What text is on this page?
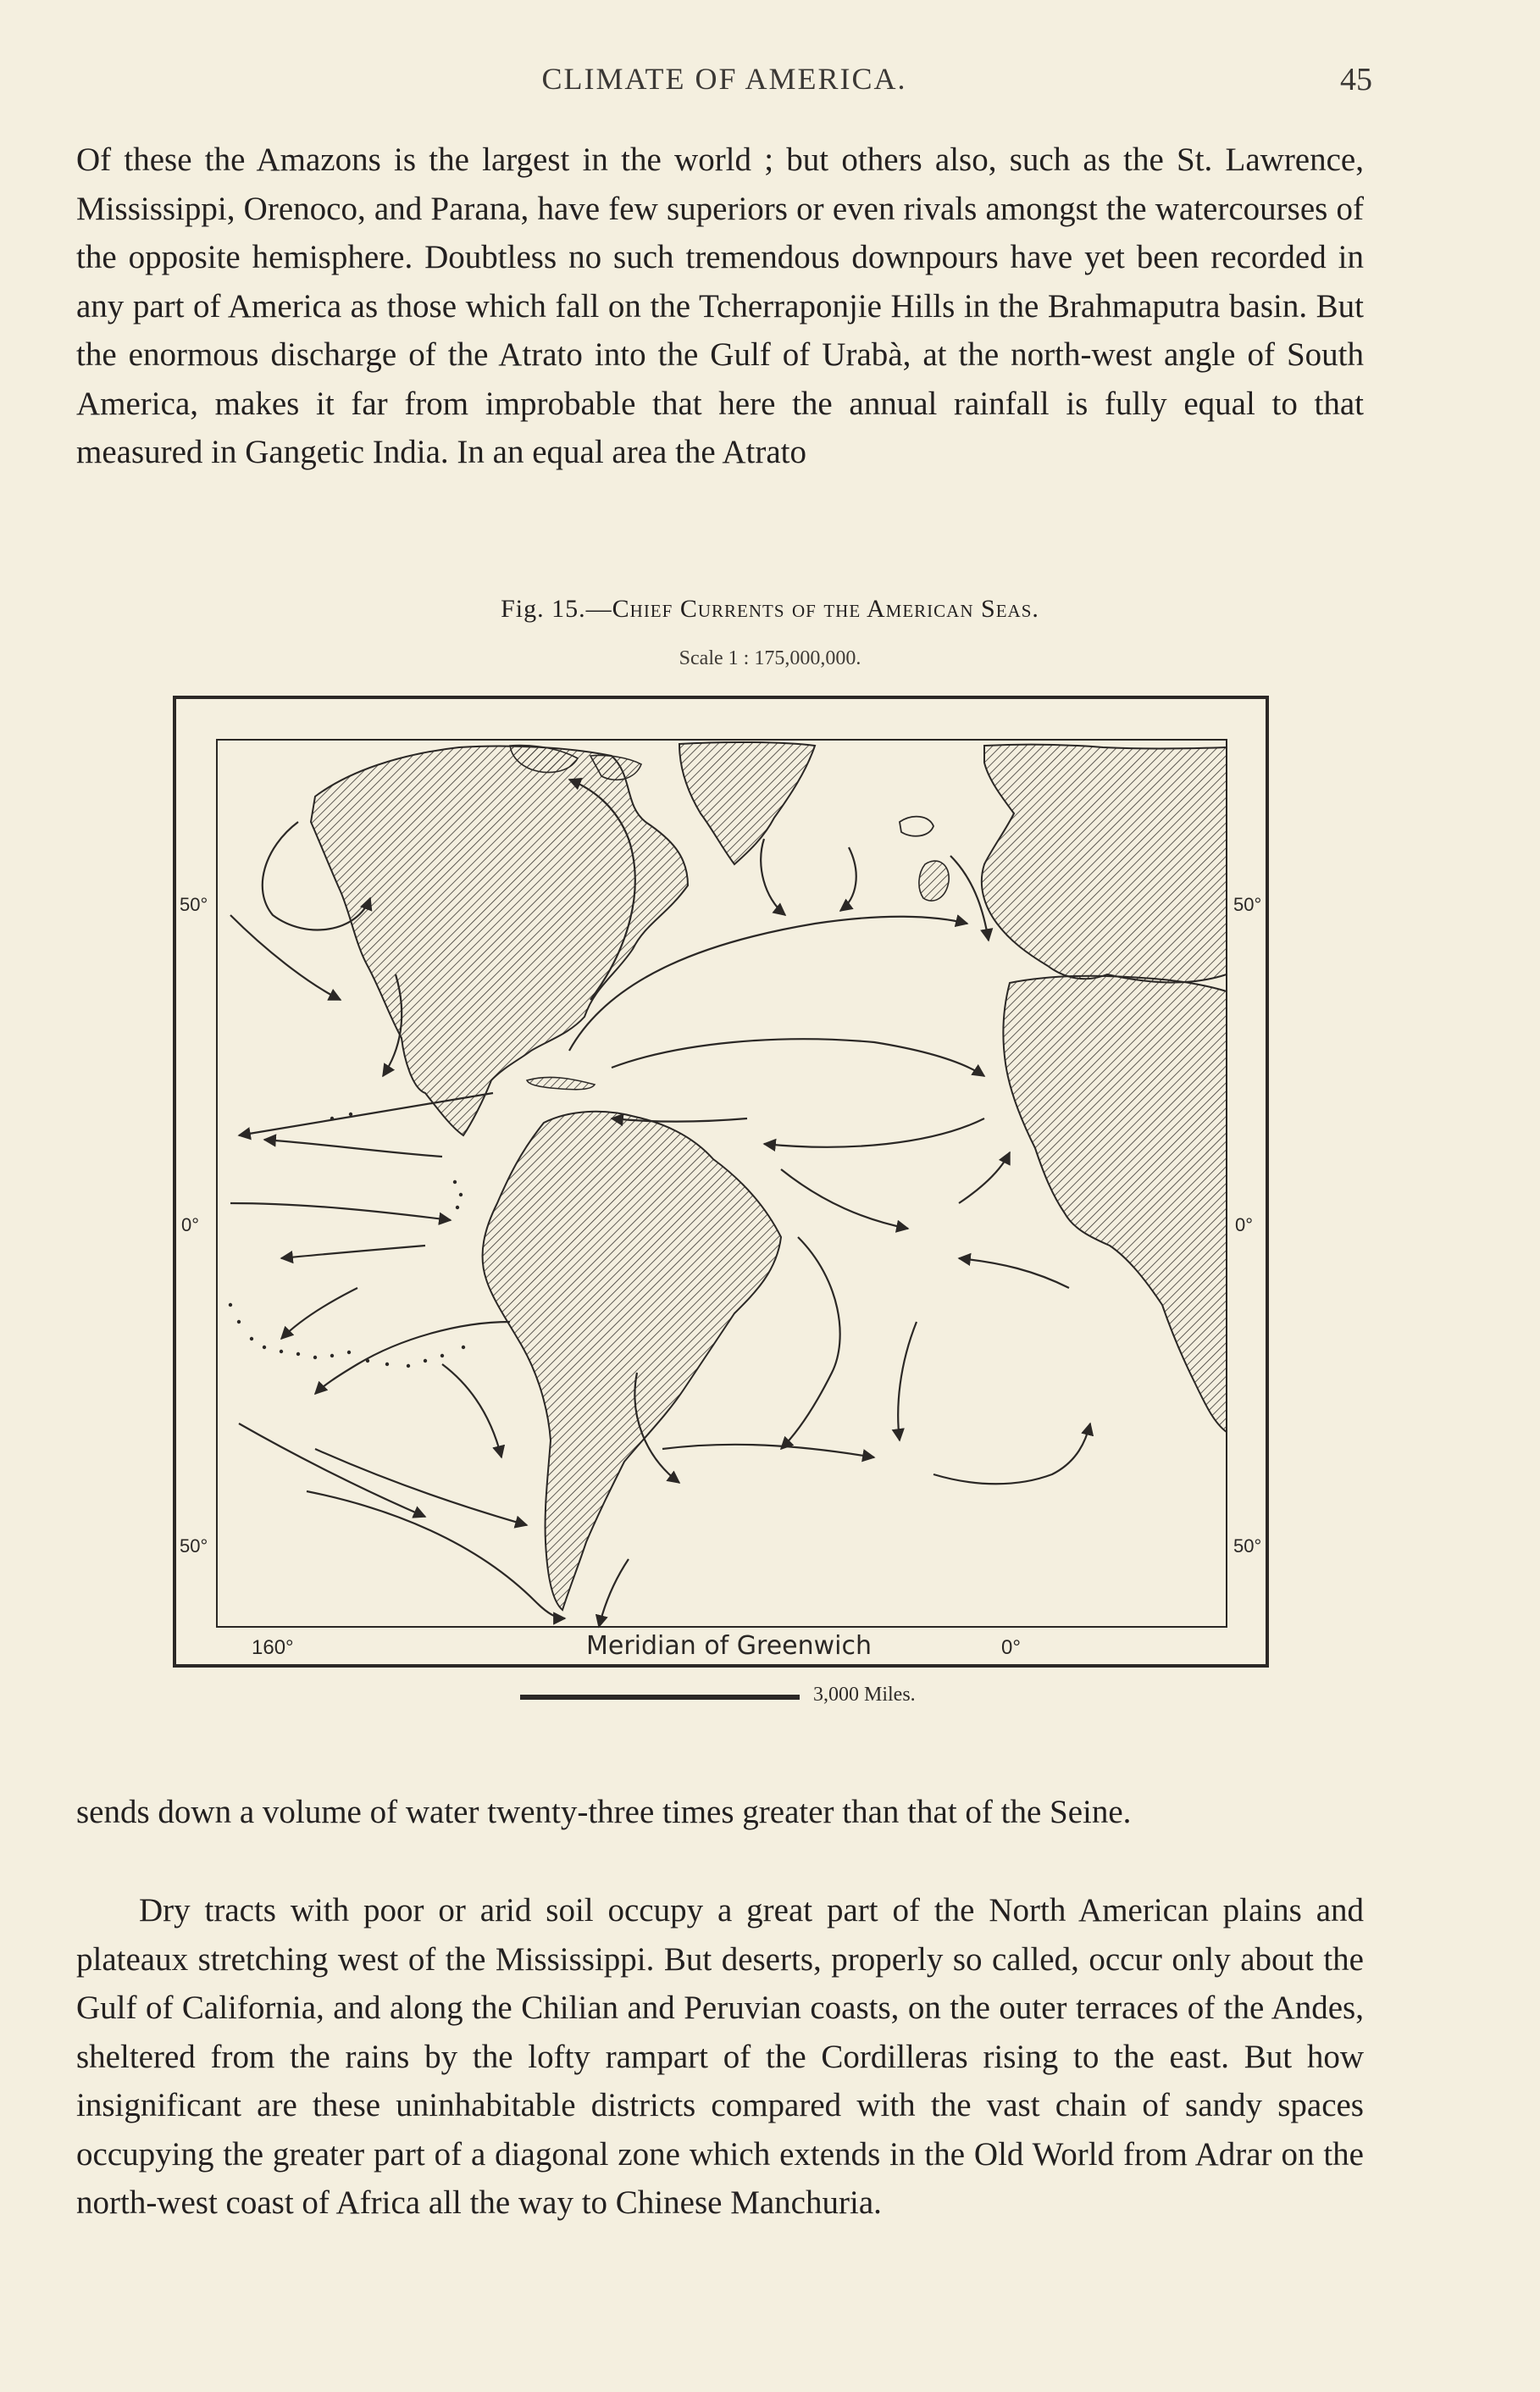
CLIMATE OF AMERICA.	45

Of these the Amazons is the largest in the world ; but others also, such as the St. Lawrence, Mississippi, Orenoco, and Parana, have few superiors or even rivals amongst the watercourses of the opposite hemisphere. Doubtless no such tremendous downpours have yet been recorded in any part of America as those which fall on the Tcherraponjie Hills in the Brahmaputra basin. But the enormous discharge of the Atrato into the Gulf of Urabà, at the north-west angle of South America, makes it far from improbable that here the annual rainfall is fully equal to that measured in Gangetic India. In an equal area the Atrato

Fig. 15.—Chief Currents of the American Seas.
Scale 1 : 175,000,000.
50°	50°
0°	0°
50°	50°
160°	Meridian of Greenwich	0°
3,000 Miles.

sends down a volume of water twenty-three times greater than that of the Seine.

Dry tracts with poor or arid soil occupy a great part of the North American plains and plateaux stretching west of the Mississippi. But deserts, properly so called, occur only about the Gulf of California, and along the Chilian and Peruvian coasts, on the outer terraces of the Andes, sheltered from the rains by the lofty rampart of the Cordilleras rising to the east. But how insignificant are these uninhabitable districts compared with the vast chain of sandy spaces occupying the greater part of a diagonal zone which extends in the Old World from Adrar on the north-west coast of Africa all the way to Chinese Manchuria.
